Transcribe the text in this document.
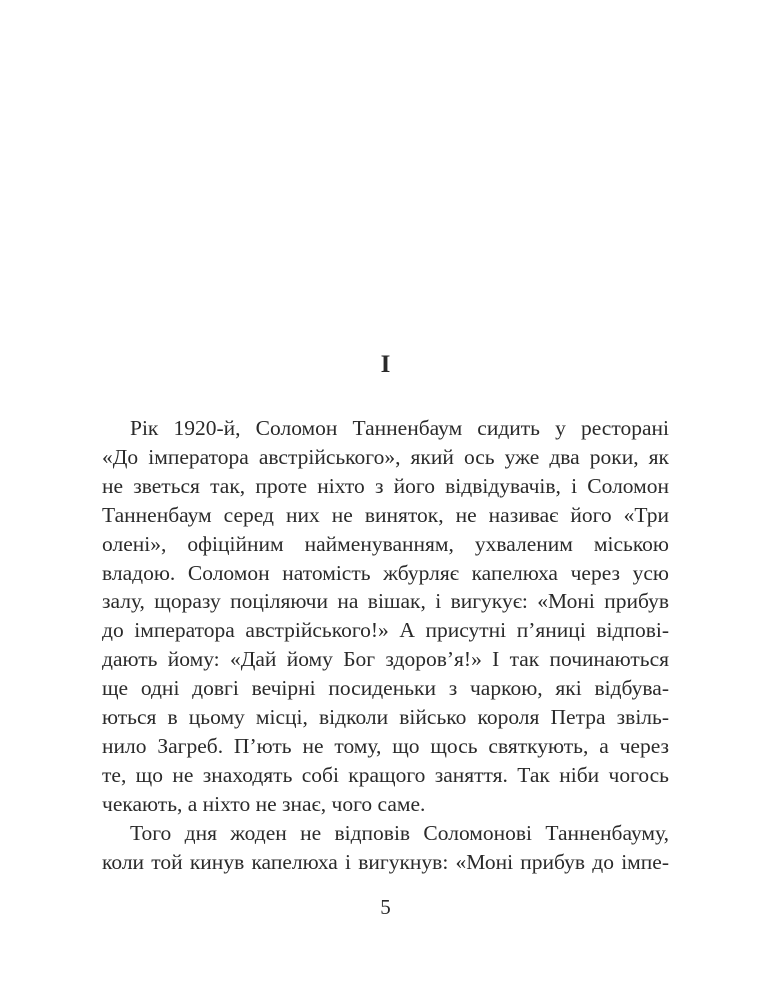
I

Рік 1920-й, Соломон Танненбаум сидить у ресторані
«До імператора австрійського», який ось уже два роки, як
не зветься так, проте ніхто з його відвідувачів, і Соломон
Танненбаум серед них не виняток, не називає його «Три
олені», офіційним найменуванням, ухваленим міською
владою. Соломон натомість жбурляє капелюха через усю
залу, щоразу поціляючи на вішак, і вигукує: «Моні прибув
до імператора австрійського!» А присутні п’яниці відпові-
дають йому: «Дай йому Бог здоров’я!» І так починаються
ще одні довгі вечірні посиденьки з чаркою, які відбува-
ються в цьому місці, відколи військо короля Петра звіль-
нило Загреб. П’ють не тому, що щось святкують, а через
те, що не знаходять собі кращого заняття. Так ніби чогось
чекають, а ніхто не знає, чого саме.

Того дня жоден не відповів Соломонові Танненбауму,
коли той кинув капелюха і вигукнув: «Моні прибув до імпе-

5
